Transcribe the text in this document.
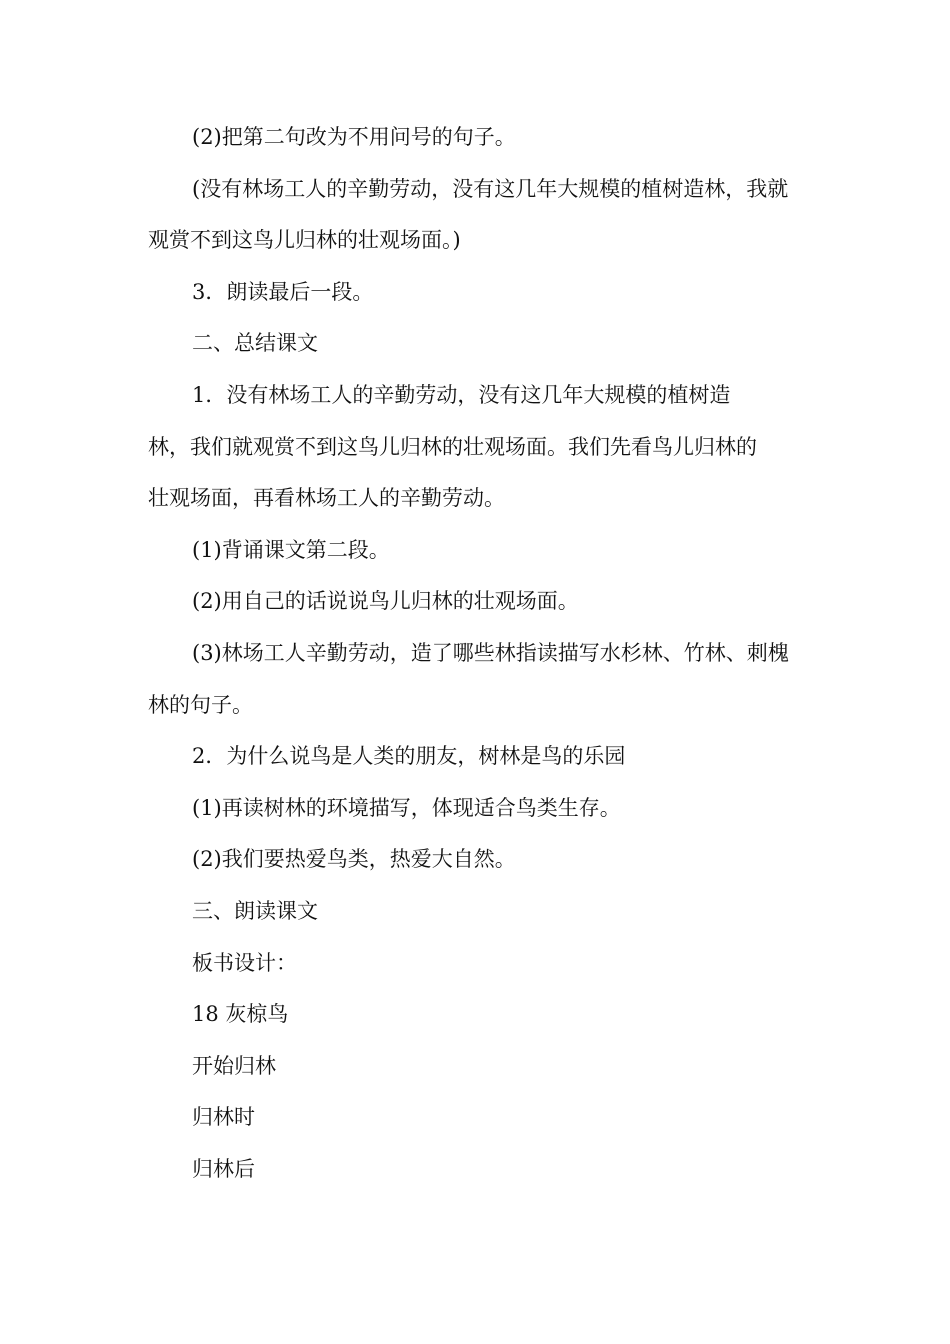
(2)把第二句改为不用问号的句子。

(没有林场工人的辛勤劳动，没有这几年大规模的植树造林，我就观赏不到这鸟儿归林的壮观场面。)

3．朗读最后一段。

二、总结课文

1．没有林场工人的辛勤劳动，没有这几年大规模的植树造林，我们就观赏不到这鸟儿归林的壮观场面。我们先看鸟儿归林的壮观场面，再看林场工人的辛勤劳动。

(1)背诵课文第二段。

(2)用自己的话说说鸟儿归林的壮观场面。

(3)林场工人辛勤劳动，造了哪些林指读描写水杉林、竹林、刺槐林的句子。

2．为什么说鸟是人类的朋友，树林是鸟的乐园

(1)再读树林的环境描写，体现适合鸟类生存。

(2)我们要热爱鸟类，热爱大自然。

三、朗读课文

板书设计：

18 灰椋鸟

开始归林

归林时

归林后
